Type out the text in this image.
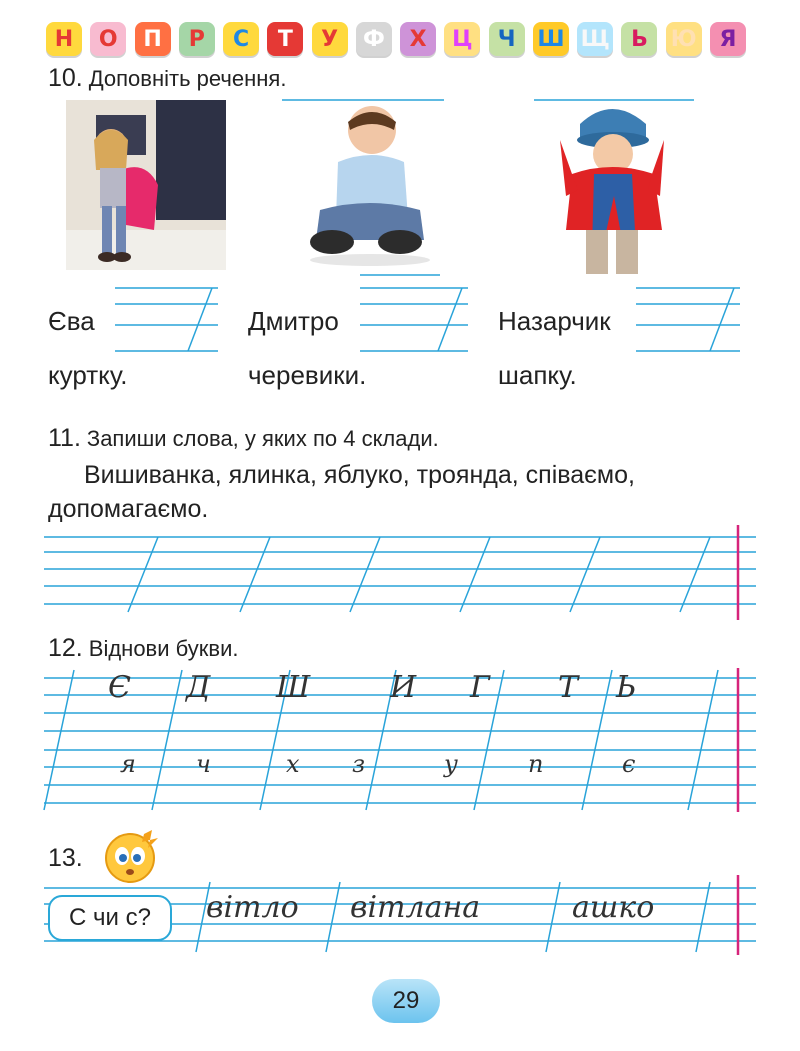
Н	О	П	Р	С	Т	У	Ф	Х	Ц	Ч Ш Щ Ь	Ю	Я
10. Доповніть речення.
Єва	Дмитро	Назарчик
куртку.	черевики.	шапку.
11. Запиши слова, у яких по 4 склади.
Вишиванка, ялинка, яблуко, троянда, співаємо, допомагаємо.
12. Віднови букви.
Є Д Ш	И Г Т Ь
я	ч	х з	у	п	є
13.
С чи с?	вітло вітлана	ашко
29
